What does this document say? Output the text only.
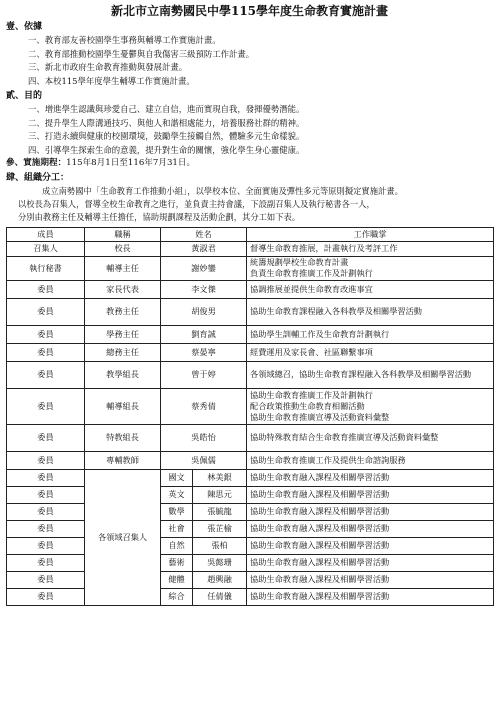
新北市立南勢國民中學115學年度生命教育實施計畫
壹、依據
一、教育部友善校園學生事務與輔導工作實施計畫。
二、教育部推動校園學生憂鬱與自我傷害三級預防工作計畫。
三、新北市政府生命教育推動與發展計畫。
四、本校115學年度學生輔導工作實施計畫。
貳、目的
一、增進學生認識與珍愛自己、建立自信，進而實現自我，發揮優勢潛能。
二、提升學生人際溝通技巧、與他人和諧相處能力，培養服務社群的精神。
三、打造永續與健康的校園環境，鼓勵學生接觸自然，體驗多元生命樣貌。
四、引導學生探索生命的意義，提升對生命的關懷，強化學生身心靈健康。
參、實施期程：115年8月1日至116年7月31日。
肆、組織分工：
成立南勢國中「生命教育工作推動小組」，以學校本位、全面實施及彈性多元等原則擬定實施計畫。
以校長為召集人，督導全校生命教育之進行，並負責主持會議，下設副召集人及執行秘書各一人，
分別由教務主任及輔導主任擔任，協助規劃課程及活動企劃，其分工如下表。
成員	職稱	姓名		工作職掌
召集人	校長	黃淑君		督導生命教育推展，計畫執行及考評工作
執行秘書	輔導主任	謝妙鑾		統籌規劃學校生命教育計畫
負責生命教育推廣工作及計劃執行
委員	家長代表	李文傑		協調推展並提供生命教育改進事宜
委員	教務主任	胡俊男		協助生命教育課程融入各科教學及相關學習活動
委員	學務主任	劉育誠		協助學生訓輔工作及生命教育計劃執行
委員	總務主任	蔡晏寧		經費運用及家長會、社區聯繫事項
委員	教學組長	曾于婷		各領域總召，協助生命教育課程融入各科教學及相關學習活動
委員	輔導組長	蔡秀倩		協助生命教育推廣工作及計劃執行
配合政策推動生命教育相關活動
協助生命教育推廣宣導及活動資料彙整
委員	特教組長	吳皓怡		協助特殊教育結合生命教育推廣宣導及活動資料彙整
委員	專輔教師	吳佩儒		協助生命教育推廣工作及提供生命諮詢服務
委員	各領域召集人	國文	林美銀	協助生命教育融入課程及相關學習活動
委員		英文	陳思元	協助生命教育融入課程及相關學習活動
委員		數學	張毓龍	協助生命教育融入課程及相關學習活動
委員		社會	張芷榆	協助生命教育融入課程及相關學習活動
委員		自然	張柏	協助生命教育融入課程及相關學習活動
委員		藝術	吳懿珊	協助生命教育融入課程及相關學習活動
委員		健體	趙興融	協助生命教育融入課程及相關學習活動
委員		綜合	任倩儀	協助生命教育融入課程及相關學習活動
